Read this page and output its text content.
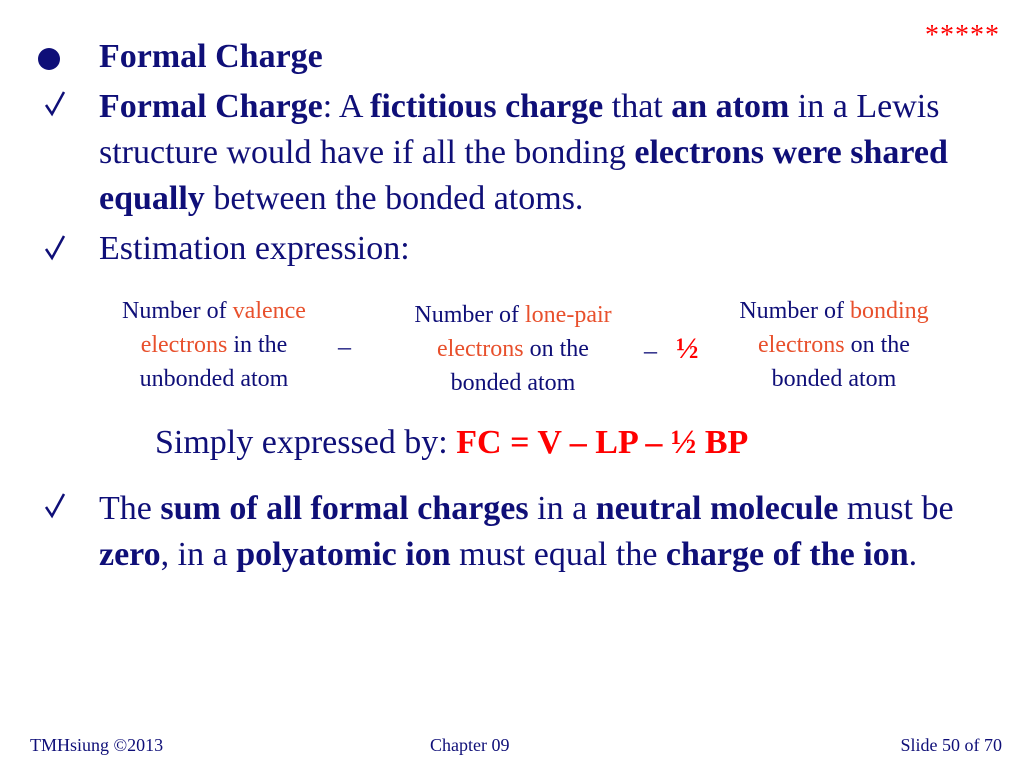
*****
Formal Charge
Formal Charge: A fictitious charge that an atom in a Lewis structure would have if all the bonding electrons were shared equally between the bonded atoms.
Estimation expression:
Number of valence
electrons in the
unbonded atom
–
Number of lone-pair
electrons on the
bonded atom
– ½
Number of bonding
electrons on the
bonded atom
Simply expressed by: FC = V – LP – ½ BP
The sum of all formal charges in a neutral molecule must be zero, in a polyatomic ion must equal the charge of the ion.
TMHsiung ©2013	Chapter 09	Slide 50 of 70
